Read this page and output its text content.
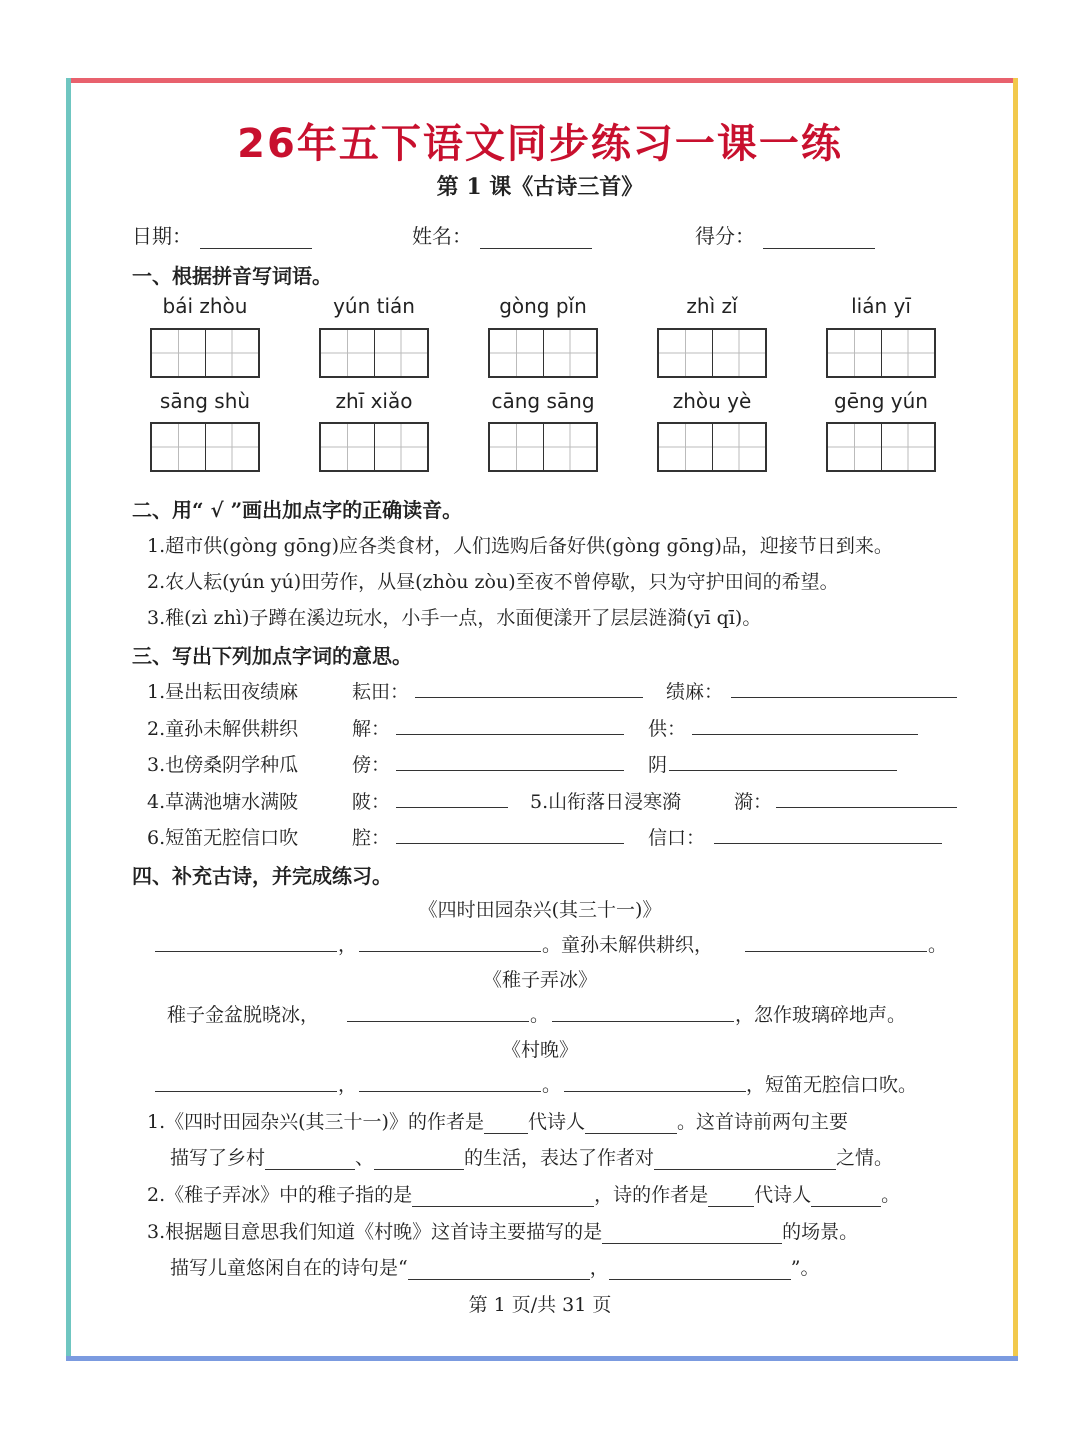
26年五下语文同步练习一课一练
第 1 课《古诗三首》
日期：	姓名：	得分：
一、根据拼音写词语。
bái zhòu	yún tián	gòng pǐn	zhì zǐ	lián yī
sāng shù	zhī xiǎo	cāng sāng	zhòu yè	gēng yún
二、用“ √ ”画出加点字的正确读音。
1.超市供(gòng gōng)应各类食材，人们选购后备好供(gòng gōng)品，迎接节日到来。
2.农人耘(yún yú)田劳作，从昼(zhòu zòu)至夜不曾停歇，只为守护田间的希望。
3.稚(zì zhì)子蹲在溪边玩水，小手一点，水面便漾开了层层涟漪(yī qī)。
三、写出下列加点字词的意思。
1.昼出耘田夜绩麻	耘田：	绩麻：
2.童孙未解供耕织	解：	供：
3.也傍桑阴学种瓜	傍：	阴
4.草满池塘水满陂	陂：	5.山衔落日浸寒漪	漪：
6.短笛无腔信口吹	腔：	信口：
四、补充古诗，并完成练习。
《四时田园杂兴(其三十一)》
，	。童孙未解供耕织，	。
《稚子弄冰》
稚子金盆脱晓冰，	。	，忽作玻璃碎地声。
《村晚》
，	。	，短笛无腔信口吹。
1.《四时田园杂兴(其三十一)》的作者是 代诗人	。这首诗前两句主要
描写了乡村	、	的生活，表达了作者对	之情。
2.《稚子弄冰》中的稚子指的是	，诗的作者是 代诗人	。
3.根据题目意思我们知道《村晚》这首诗主要描写的是	的场景。
描写儿童悠闲自在的诗句是“	，	”。
第 1 页/共 31 页
